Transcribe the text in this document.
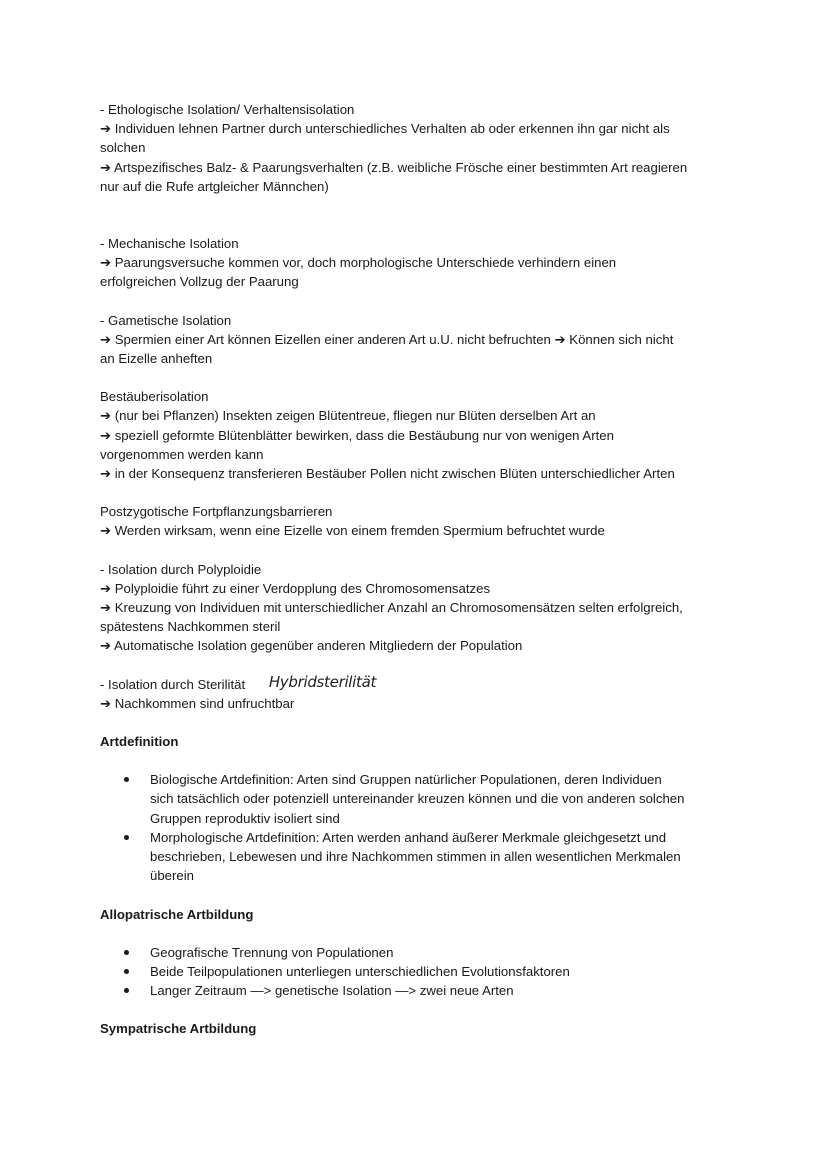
- Ethologische Isolation/ Verhaltensisolation
➔ Individuen lehnen Partner durch unterschiedliches Verhalten ab oder erkennen ihn gar nicht als
solchen
➔ Artspezifisches Balz- & Paarungsverhalten (z.B. weibliche Frösche einer bestimmten Art reagieren
nur auf die Rufe artgleicher Männchen)
- Mechanische Isolation
➔ Paarungsversuche kommen vor, doch morphologische Unterschiede verhindern einen
erfolgreichen Vollzug der Paarung
- Gametische Isolation
➔ Spermien einer Art können Eizellen einer anderen Art u.U. nicht befruchten ➔ Können sich nicht
an Eizelle anheften
Bestäuberisolation
➔ (nur bei Pflanzen) Insekten zeigen Blütentreue, fliegen nur Blüten derselben Art an
➔ speziell geformte Blütenblätter bewirken, dass die Bestäubung nur von wenigen Arten
vorgenommen werden kann
➔ in der Konsequenz transferieren Bestäuber Pollen nicht zwischen Blüten unterschiedlicher Arten
Postzygotische Fortpflanzungsbarrieren
➔ Werden wirksam, wenn eine Eizelle von einem fremden Spermium befruchtet wurde
- Isolation durch Polyploidie
➔ Polyploidie führt zu einer Verdopplung des Chromosomensatzes
➔ Kreuzung von Individuen mit unterschiedlicher Anzahl an Chromosomensätzen selten erfolgreich,
spätestens Nachkommen steril
➔ Automatische Isolation gegenüber anderen Mitgliedern der Population
- Isolation durch Sterilität Hybridsterilität
➔ Nachkommen sind unfruchtbar
Artdefinition
Biologische Artdefinition: Arten sind Gruppen natürlicher Populationen, deren Individuen
sich tatsächlich oder potenziell untereinander kreuzen können und die von anderen solchen
Gruppen reproduktiv isoliert sind
Morphologische Artdefinition: Arten werden anhand äußerer Merkmale gleichgesetzt und
beschrieben, Lebewesen und ihre Nachkommen stimmen in allen wesentlichen Merkmalen
überein
Allopatrische Artbildung
Geografische Trennung von Populationen
Beide Teilpopulationen unterliegen unterschiedlichen Evolutionsfaktoren
Langer Zeitraum —> genetische Isolation —> zwei neue Arten
Sympatrische Artbildung
